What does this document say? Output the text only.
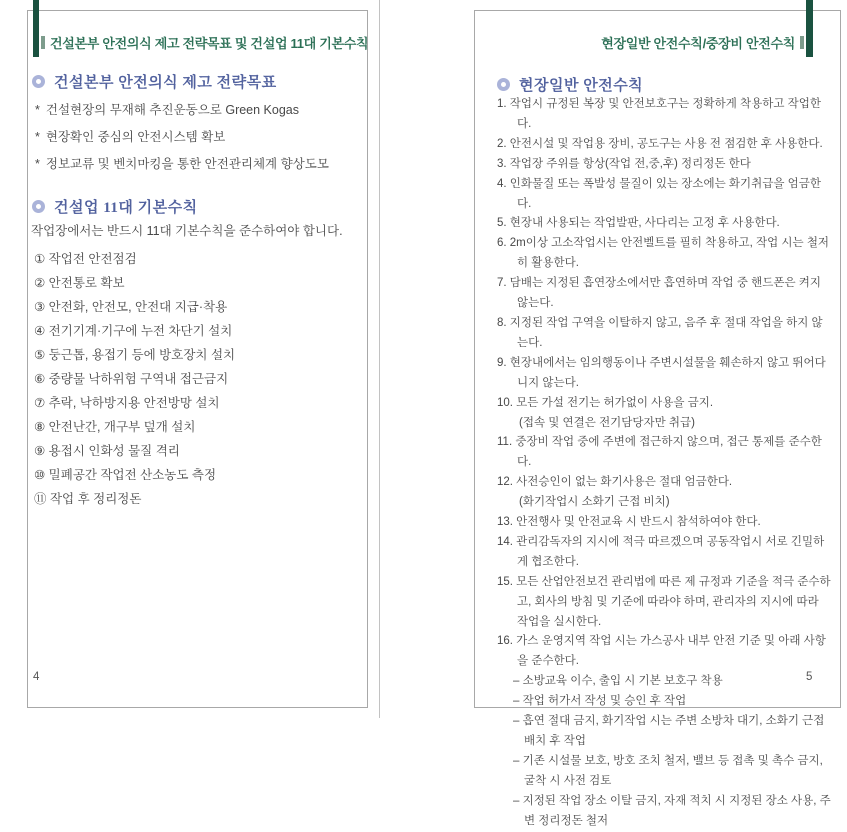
건설본부 안전의식 제고 전략목표 및 건설업 11대 기본수칙	현장일반 안전수칙/중장비 안전수칙
건설본부 안전의식 제고 전략목표
* 건설현장의 무재해 추진운동으로 Green Kogas
* 현장확인 중심의 안전시스템 확보
* 정보교류 및 벤치마킹을 통한 안전관리체계 향상도모
건설업 11대 기본수칙
작업장에서는 반드시 11대 기본수칙을 준수하여야 합니다.
① 작업전 안전점검
② 안전통로 확보
③ 안전화, 안전모, 안전대 지급·착용
④ 전기기계·기구에 누전 차단기 설치
⑤ 둥근톱, 용접기 등에 방호장치 설치
⑥ 중량물 낙하위험 구역내 접근금지
⑦ 추락, 낙하방지용 안전방망 설치
⑧ 안전난간, 개구부 덮개 설치
⑨ 용접시 인화성 물질 격리
⑩ 밀폐공간 작업전 산소농도 측정
⑪ 작업 후 정리정돈
현장일반 안전수칙
1. 작업시 규정된 복장 및 안전보호구는 정확하게 착용하고 작업한다.
2. 안전시설 및 작업용 장비, 공도구는 사용 전 점검한 후 사용한다.
3. 작업장 주위를 항상(작업 전,중,후) 정리정돈 한다
4. 인화물질 또는 폭발성 물질이 있는 장소에는 화기취급을 엄금한다.
5. 현장내 사용되는 작업발판, 사다리는 고정 후 사용한다.
6. 2m이상 고소작업시는 안전벨트를 필히 착용하고, 작업 시는 철저히 활용한다.
7. 담배는 지정된 흡연장소에서만 흡연하며 작업 중 핸드폰은 켜지않는다.
8. 지정된 작업 구역을 이탈하지 않고, 음주 후 절대 작업을 하지 않는다.
9. 현장내에서는 임의행동이나 주변시설물을 훼손하지 않고 뛰어다니지 않는다.
10. 모든 가설 전기는 허가없이 사용을 금지.
(접속 및 연결은 전기담당자만 취급)
11. 중장비 작업 중에 주변에 접근하지 않으며, 접근 통제를 준수한다.
12. 사전승인이 없는 화기사용은 절대 엄금한다.
(화기작업시 소화기 근접 비치)
13. 안전행사 및 안전교육 시 반드시 참석하여야 한다.
14. 관리감독자의 지시에 적극 따르겠으며 공동작업시 서로 긴밀하게 협조한다.
15. 모든 산업안전보건 관리법에 따른 제 규정과 기준을 적극 준수하고, 회사의 방침 및 기준에 따라야 하며, 관리자의 지시에 따라 작업을 실시한다.
16. 가스 운영지역 작업 시는 가스공사 내부 안전 기준 및 아래 사항을 준수한다.
– 소방교육 이수, 출입 시 기본 보호구 착용
– 작업 허가서 작성 및 승인 후 작업
– 흡연 절대 금지, 화기작업 시는 주변 소방차 대기, 소화기 근접 배치 후 작업
– 기존 시설물 보호, 방호 조치 철저, 밸브 등 접촉 및 촉수 금지, 굴착 시 사전 검토
– 지정된 작업 장소 이탈 금지, 자재 적치 시 지정된 장소 사용, 주변 정리정돈 철저
4	5
